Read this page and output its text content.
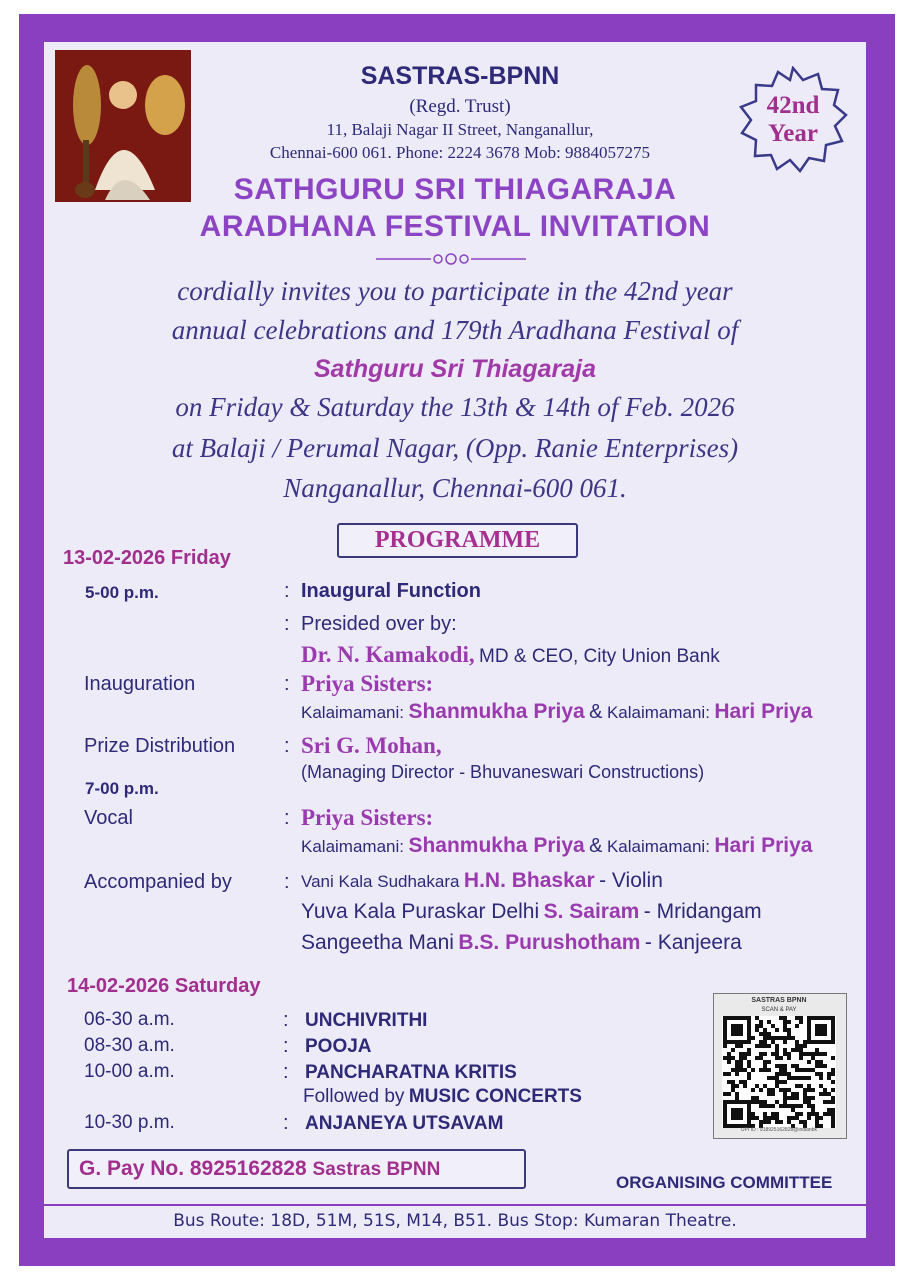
SASTRAS-BPNN
(Regd. Trust)
11, Balaji Nagar II Street, Nanganallur,
Chennai-600 061. Phone: 2224 3678 Mob: 9884057275
42nd
Year
SATHGURU SRI THIAGARAJA
ARADHANA FESTIVAL INVITATION
cordially invites you to participate in the 42nd year
annual celebrations and 179th Aradhana Festival of
Sathguru Sri Thiagaraja
on Friday & Saturday the 13th & 14th of Feb. 2026
at Balaji / Perumal Nagar, (Opp. Ranie Enterprises)
Nanganallur, Chennai-600 061.
PROGRAMME
13-02-2026 Friday
5-00 p.m.	: Inaugural Function
: Presided over by:
Dr. N. Kamakodi, MD & CEO, City Union Bank
Inauguration	: Priya Sisters:
Kalaimamani: Shanmukha Priya & Kalaimamani: Hari Priya
Prize Distribution : Sri G. Mohan,
(Managing Director - Bhuvaneswari Constructions)
7-00 p.m.
Vocal	: Priya Sisters:
Kalaimamani: Shanmukha Priya & Kalaimamani: Hari Priya
Accompanied by	: Vani Kala Sudhakara H.N. Bhaskar - Violin
Yuva Kala Puraskar Delhi S. Sairam - Mridangam
Sangeetha Mani B.S. Purushotham - Kanjeera
14-02-2026 Saturday
06-30 a.m.	: UNCHIVRITHI
08-30 a.m.	: POOJA
10-00 a.m.	: PANCHARATNA KRITIS
Followed by MUSIC CONCERTS
10-30 p.m.	: ANJANEYA UTSAVAM
SASTRAS BPNN
SCAN & PAY
UPI ID : 918925162828@indianbk
G. Pay No. 8925162828 Sastras BPNN
ORGANISING COMMITTEE
Bus Route: 18D, 51M, 51S, M14, B51. Bus Stop: Kumaran Theatre.
